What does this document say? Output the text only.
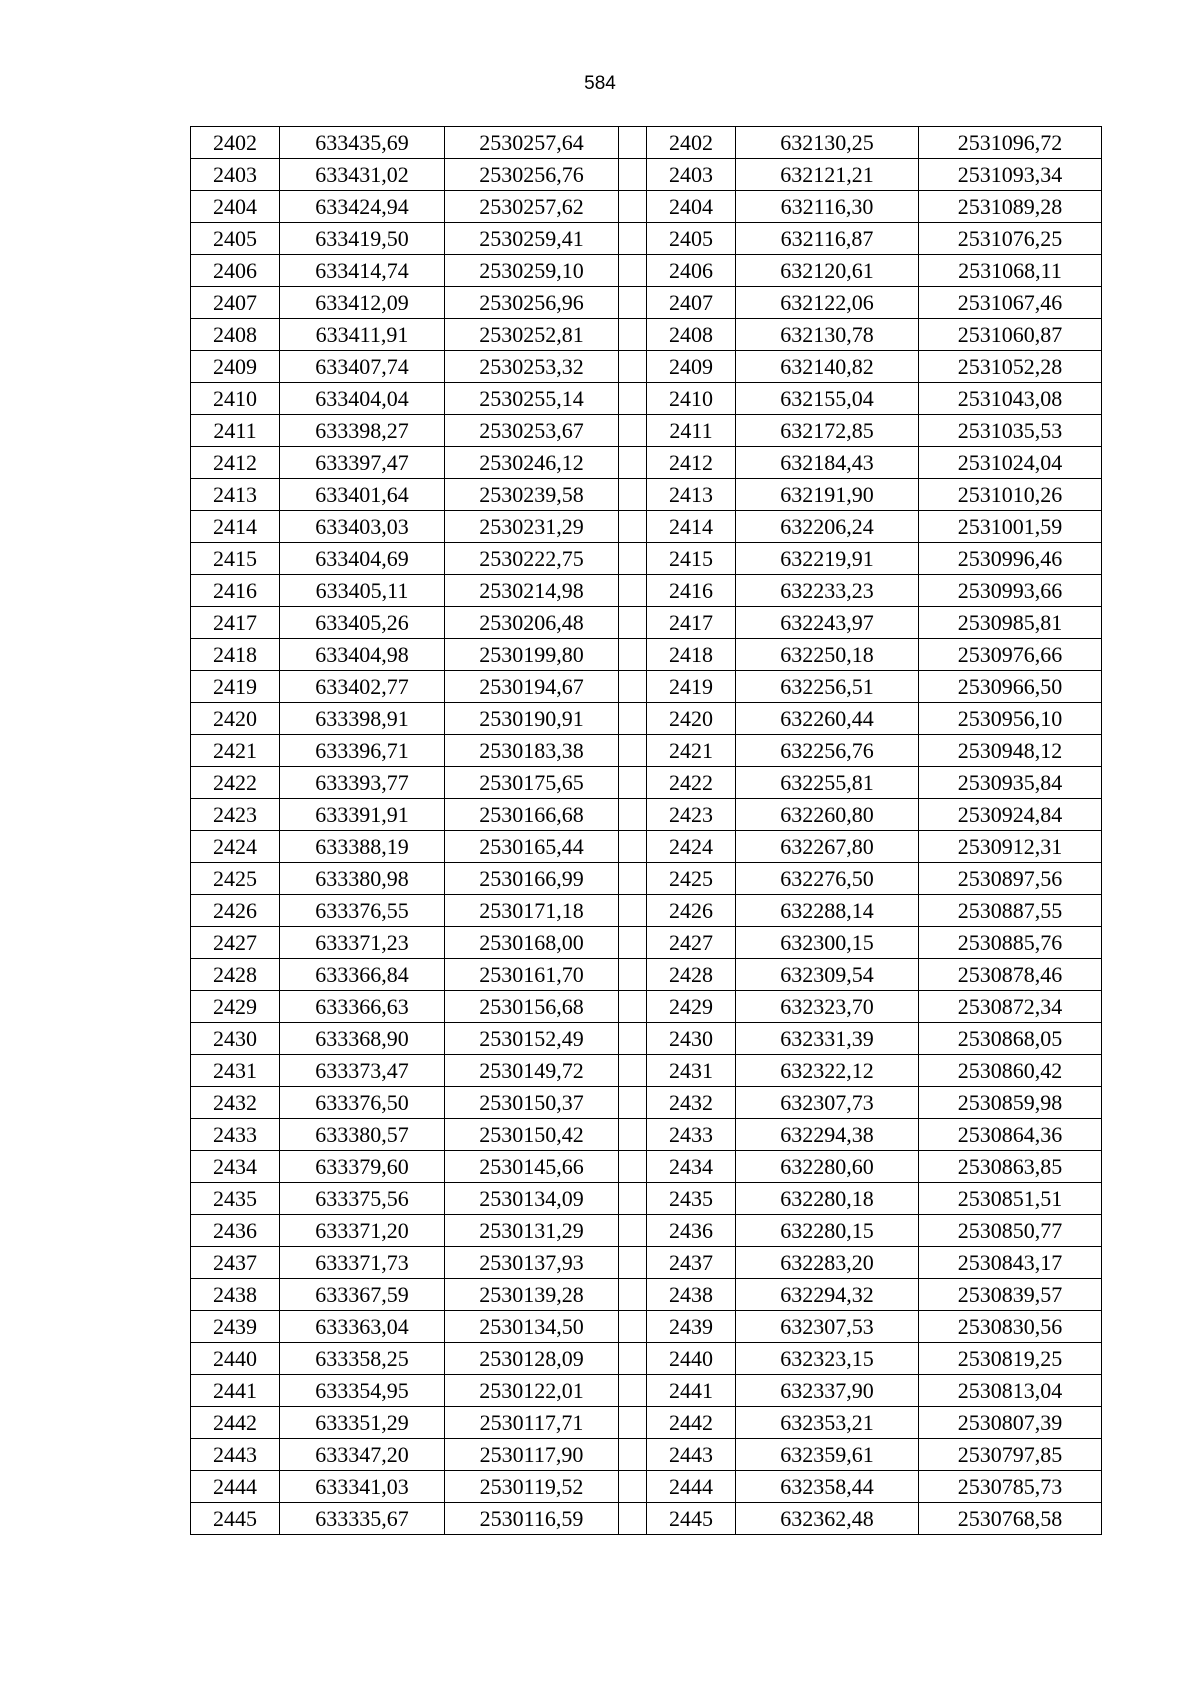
584
2402	633435,69	2530257,64		2402	632130,25	2531096,72
2403	633431,02	2530256,76		2403	632121,21	2531093,34
2404	633424,94	2530257,62		2404	632116,30	2531089,28
2405	633419,50	2530259,41		2405	632116,87	2531076,25
2406	633414,74	2530259,10		2406	632120,61	2531068,11
2407	633412,09	2530256,96		2407	632122,06	2531067,46
2408	633411,91	2530252,81		2408	632130,78	2531060,87
2409	633407,74	2530253,32		2409	632140,82	2531052,28
2410	633404,04	2530255,14		2410	632155,04	2531043,08
2411	633398,27	2530253,67		2411	632172,85	2531035,53
2412	633397,47	2530246,12		2412	632184,43	2531024,04
2413	633401,64	2530239,58		2413	632191,90	2531010,26
2414	633403,03	2530231,29		2414	632206,24	2531001,59
2415	633404,69	2530222,75		2415	632219,91	2530996,46
2416	633405,11	2530214,98		2416	632233,23	2530993,66
2417	633405,26	2530206,48		2417	632243,97	2530985,81
2418	633404,98	2530199,80		2418	632250,18	2530976,66
2419	633402,77	2530194,67		2419	632256,51	2530966,50
2420	633398,91	2530190,91		2420	632260,44	2530956,10
2421	633396,71	2530183,38		2421	632256,76	2530948,12
2422	633393,77	2530175,65		2422	632255,81	2530935,84
2423	633391,91	2530166,68		2423	632260,80	2530924,84
2424	633388,19	2530165,44		2424	632267,80	2530912,31
2425	633380,98	2530166,99		2425	632276,50	2530897,56
2426	633376,55	2530171,18		2426	632288,14	2530887,55
2427	633371,23	2530168,00		2427	632300,15	2530885,76
2428	633366,84	2530161,70		2428	632309,54	2530878,46
2429	633366,63	2530156,68		2429	632323,70	2530872,34
2430	633368,90	2530152,49		2430	632331,39	2530868,05
2431	633373,47	2530149,72		2431	632322,12	2530860,42
2432	633376,50	2530150,37		2432	632307,73	2530859,98
2433	633380,57	2530150,42		2433	632294,38	2530864,36
2434	633379,60	2530145,66		2434	632280,60	2530863,85
2435	633375,56	2530134,09		2435	632280,18	2530851,51
2436	633371,20	2530131,29		2436	632280,15	2530850,77
2437	633371,73	2530137,93		2437	632283,20	2530843,17
2438	633367,59	2530139,28		2438	632294,32	2530839,57
2439	633363,04	2530134,50		2439	632307,53	2530830,56
2440	633358,25	2530128,09		2440	632323,15	2530819,25
2441	633354,95	2530122,01		2441	632337,90	2530813,04
2442	633351,29	2530117,71		2442	632353,21	2530807,39
2443	633347,20	2530117,90		2443	632359,61	2530797,85
2444	633341,03	2530119,52		2444	632358,44	2530785,73
2445	633335,67	2530116,59		2445	632362,48	2530768,58
